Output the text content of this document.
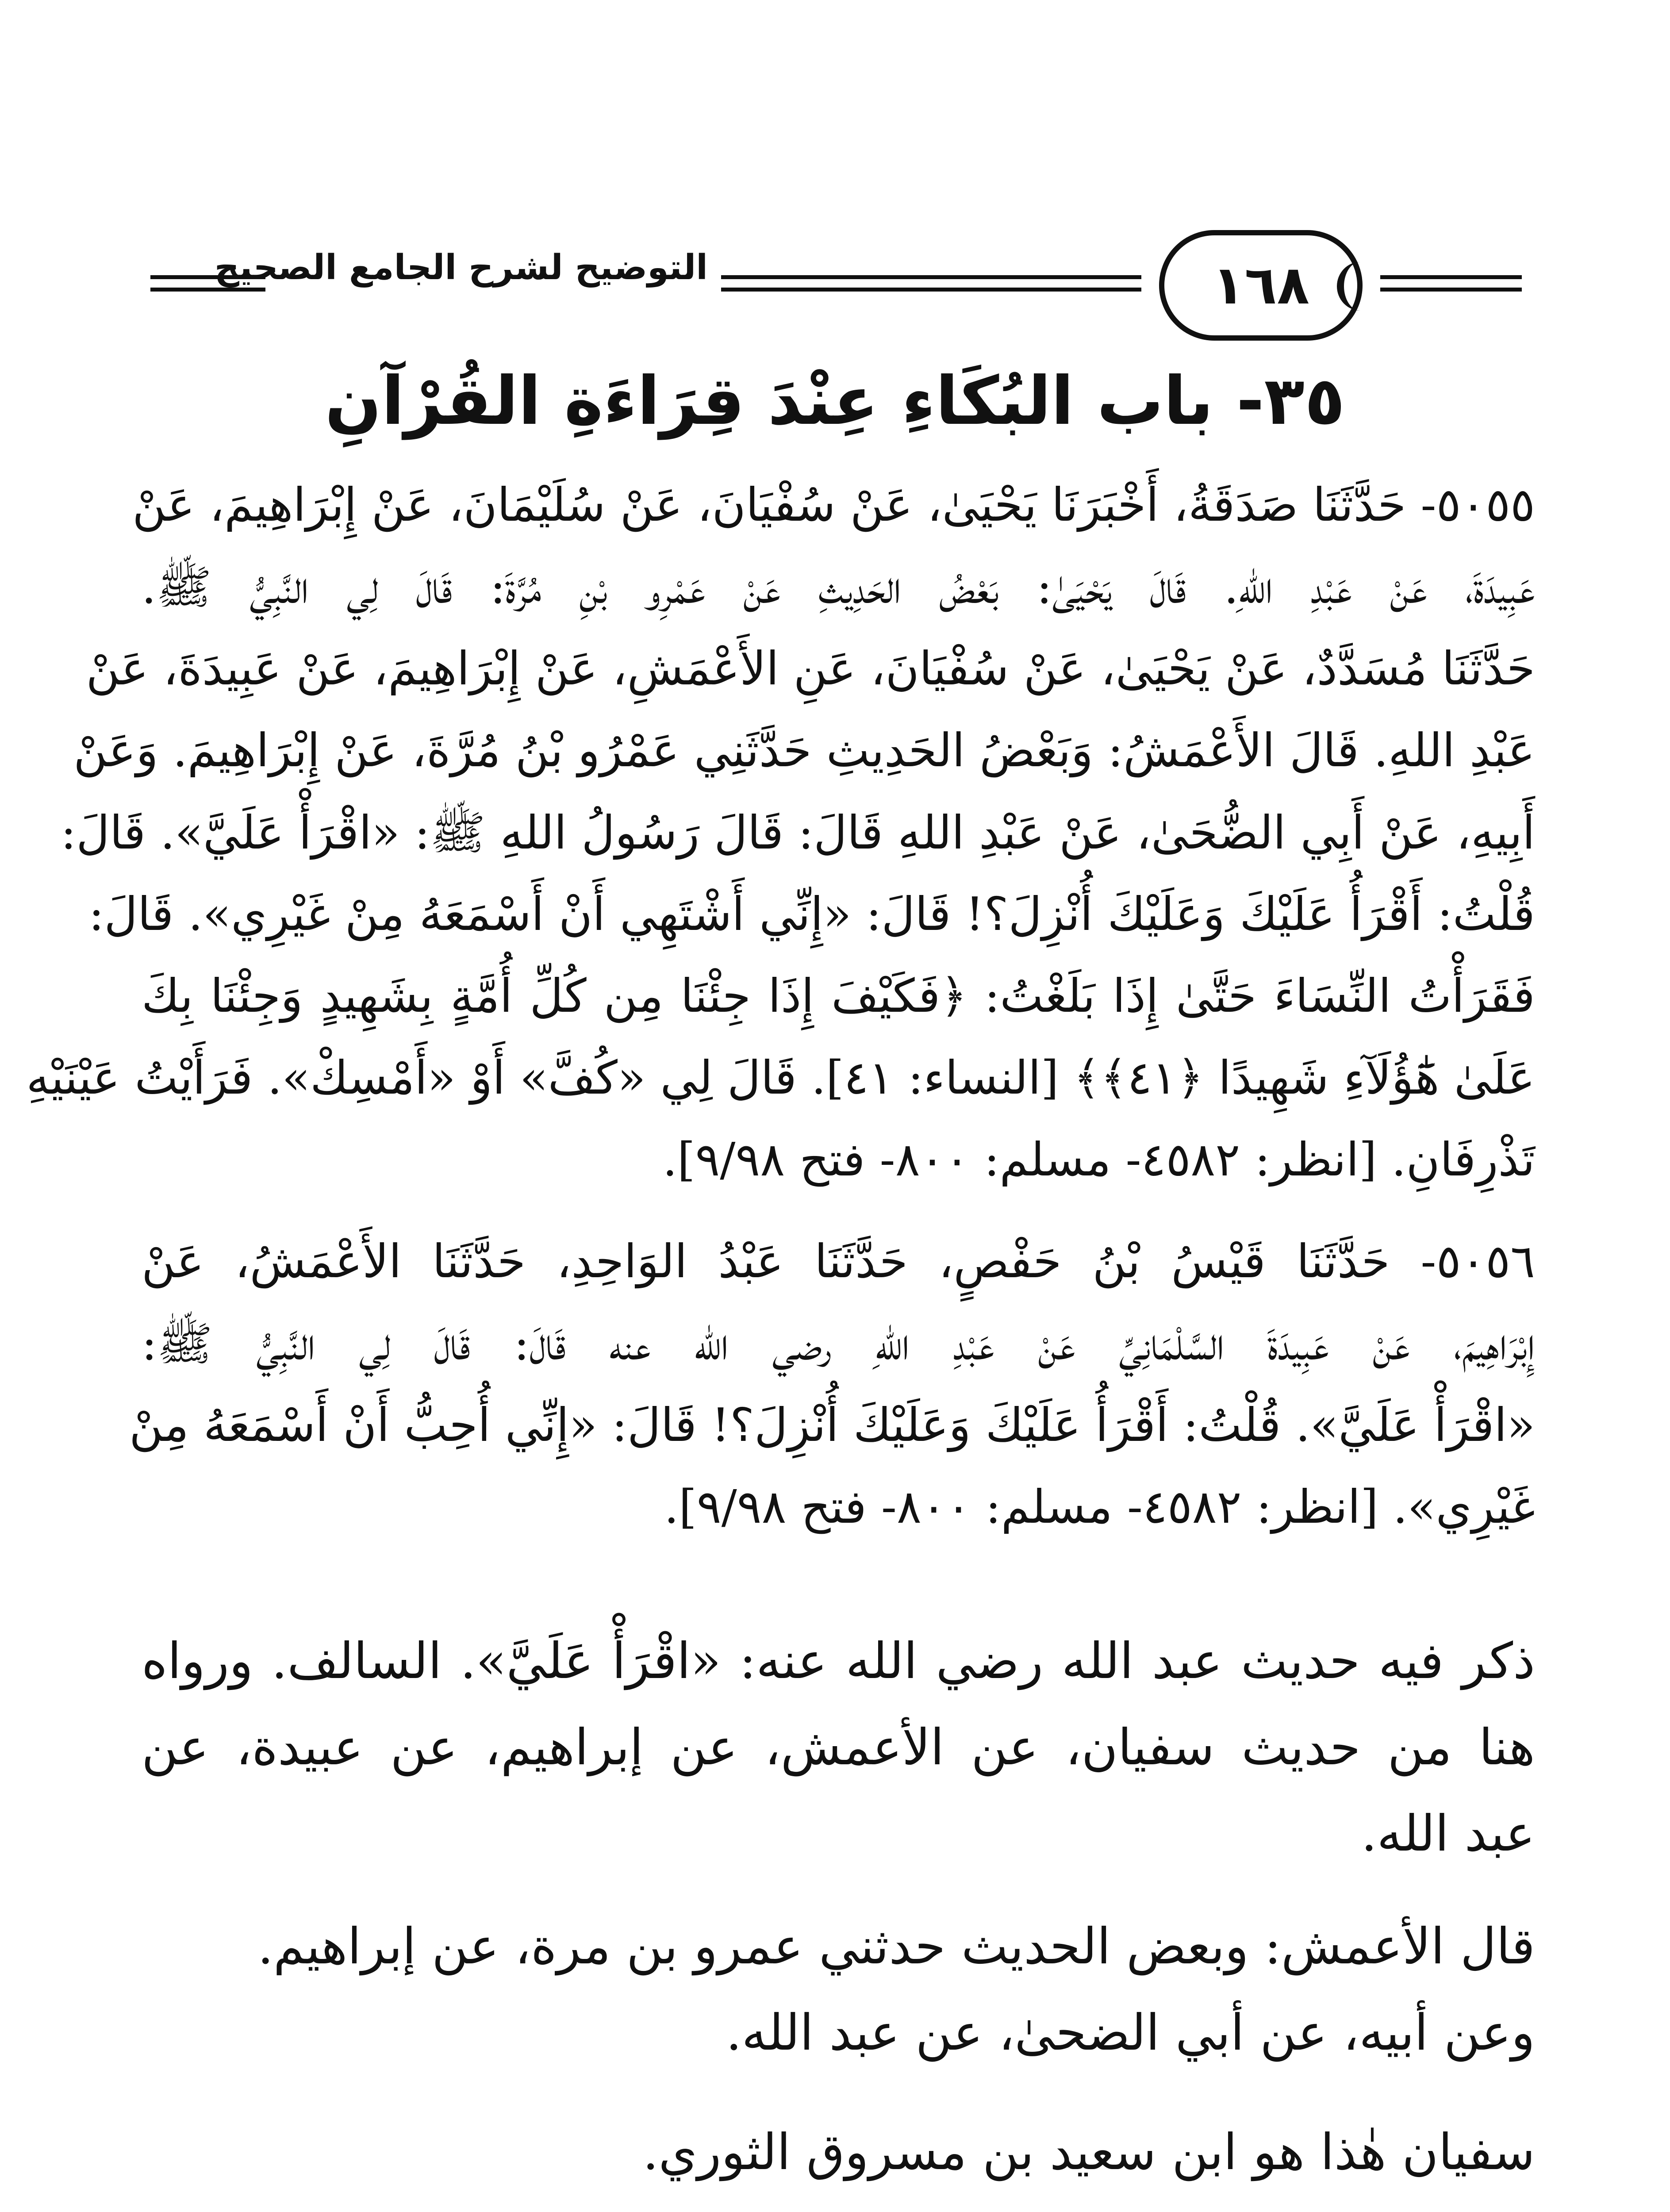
التوضيح لشرح الجامع الصحيح	١٦٨
٣٥- باب البُكَاءِ عِنْدَ قِرَاءَةِ القُرْآنِ
٥٠٥٥- حَدَّثَنَا صَدَقَةُ، أَخْبَرَنَا يَحْيَىٰ، عَنْ سُفْيَانَ، عَنْ سُلَيْمَانَ، عَنْ إِبْرَاهِيمَ، عَنْ
عَبِيدَةَ، عَنْ عَبْدِ اللهِ. قَالَ يَحْيَىٰ: بَعْضُ الحَدِيثِ عَنْ عَمْرِو بْنِ مُرَّةَ: قَالَ لِي النَّبِيُّ ﷺ.
حَدَّثَنَا مُسَدَّدٌ، عَنْ يَحْيَىٰ، عَنْ سُفْيَانَ، عَنِ الأَعْمَشِ، عَنْ إِبْرَاهِيمَ، عَنْ عَبِيدَةَ، عَنْ
عَبْدِ اللهِ. قَالَ الأَعْمَشُ: وَبَعْضُ الحَدِيثِ حَدَّثَنِي عَمْرُو بْنُ مُرَّةَ، عَنْ إِبْرَاهِيمَ. وَعَنْ
أَبِيهِ، عَنْ أَبِي الضُّحَىٰ، عَنْ عَبْدِ اللهِ قَالَ: قَالَ رَسُولُ اللهِ ﷺ: «اقْرَأْ عَلَيَّ». قَالَ:
قُلْتُ: أَقْرَأُ عَلَيْكَ وَعَلَيْكَ أُنْزِلَ؟! قَالَ: «إِنِّي أَشْتَهِي أَنْ أَسْمَعَهُ مِنْ غَيْرِي». قَالَ:
فَقَرَأْتُ النِّسَاءَ حَتَّىٰ إِذَا بَلَغْتُ: ﴿فَكَيْفَ إِذَا جِئْنَا مِن كُلِّ أُمَّةٍ بِشَهِيدٍ وَجِئْنَا بِكَ
عَلَىٰ هَٰٓؤُلَآءِ شَهِيدًا ﴿٤١﴾﴾ [النساء: ٤١]. قَالَ لِي «كُفَّ» أَوْ «أَمْسِكْ». فَرَأَيْتُ عَيْنَيْهِ
تَذْرِفَانِ. [انظر: ٤٥٨٢- مسلم: ٨٠٠- فتح ٩/٩٨].
٥٠٥٦- حَدَّثَنَا قَيْسُ بْنُ حَفْصٍ، حَدَّثَنَا عَبْدُ الوَاحِدِ، حَدَّثَنَا الأَعْمَشُ، عَنْ
إِبْرَاهِيمَ، عَنْ عَبِيدَةَ السَّلْمَانِيِّ عَنْ عَبْدِ اللهِ رضي الله عنه قَالَ: قَالَ لِي النَّبِيُّ ﷺ:
«اقْرَأْ عَلَيَّ». قُلْتُ: أَقْرَأُ عَلَيْكَ وَعَلَيْكَ أُنْزِلَ؟! قَالَ: «إِنِّي أُحِبُّ أَنْ أَسْمَعَهُ مِنْ
غَيْرِي». [انظر: ٤٥٨٢- مسلم: ٨٠٠- فتح ٩/٩٨].
ذكر فيه حديث عبد الله رضي الله عنه: «اقْرَأْ عَلَيَّ». السالف. ورواه
هنا من حديث سفيان، عن الأعمش، عن إبراهيم، عن عبيدة، عن
عبد الله.
قال الأعمش: وبعض الحديث حدثني عمرو بن مرة، عن إبراهيم.
وعن أبيه، عن أبي الضحىٰ، عن عبد الله.
سفيان هٰذا هو ابن سعيد بن مسروق الثوري.
